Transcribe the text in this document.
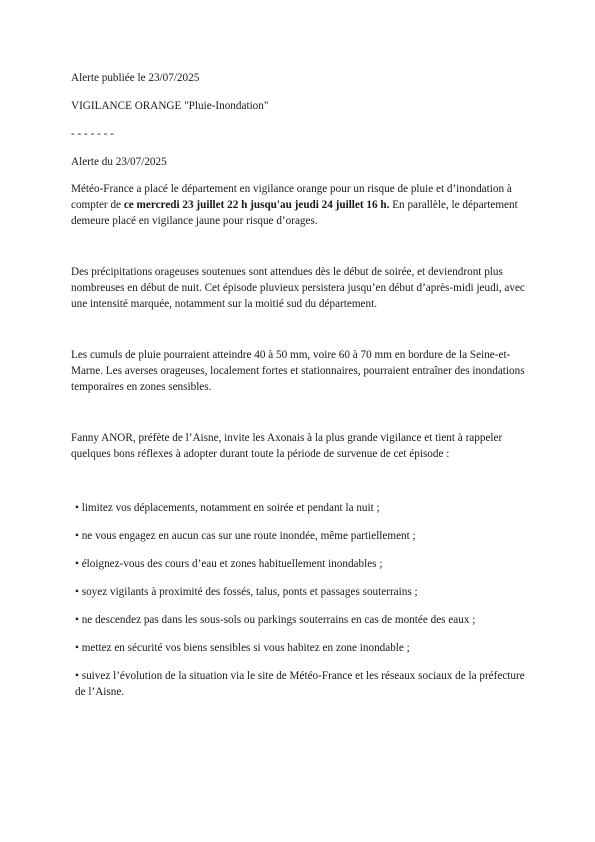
Alerte publiée le 23/07/2025

VIGILANCE ORANGE "Pluie-Inondation"

- - - - - - -

Alerte du 23/07/2025

Météo-France a placé le département en vigilance orange pour un risque de pluie et d’inondation à compter de ce mercredi 23 juillet 22 h jusqu'au jeudi 24 juillet 16 h. En parallèle, le département demeure placé en vigilance jaune pour risque d’orages.

Des précipitations orageuses soutenues sont attendues dès le début de soirée, et deviendront plus nombreuses en début de nuit. Cet épisode pluvieux persistera jusqu’en début d’après-midi jeudi, avec une intensité marquée, notamment sur la moitié sud du département.

Les cumuls de pluie pourraient atteindre 40 à 50 mm, voire 60 à 70 mm en bordure de la Seine-et-Marne. Les averses orageuses, localement fortes et stationnaires, pourraient entraîner des inondations temporaires en zones sensibles.

Fanny ANOR, préfète de l’Aisne, invite les Axonais à la plus grande vigilance et tient à rappeler quelques bons réflexes à adopter durant toute la période de survenue de cet épisode :

• limitez vos déplacements, notamment en soirée et pendant la nuit ;

• ne vous engagez en aucun cas sur une route inondée, même partiellement ;

• éloignez-vous des cours d’eau et zones habituellement inondables ;

• soyez vigilants à proximité des fossés, talus, ponts et passages souterrains ;

• ne descendez pas dans les sous-sols ou parkings souterrains en cas de montée des eaux ;

• mettez en sécurité vos biens sensibles si vous habitez en zone inondable ;

• suivez l’évolution de la situation via le site de Météo-France et les réseaux sociaux de la préfecture de l’Aisne.
